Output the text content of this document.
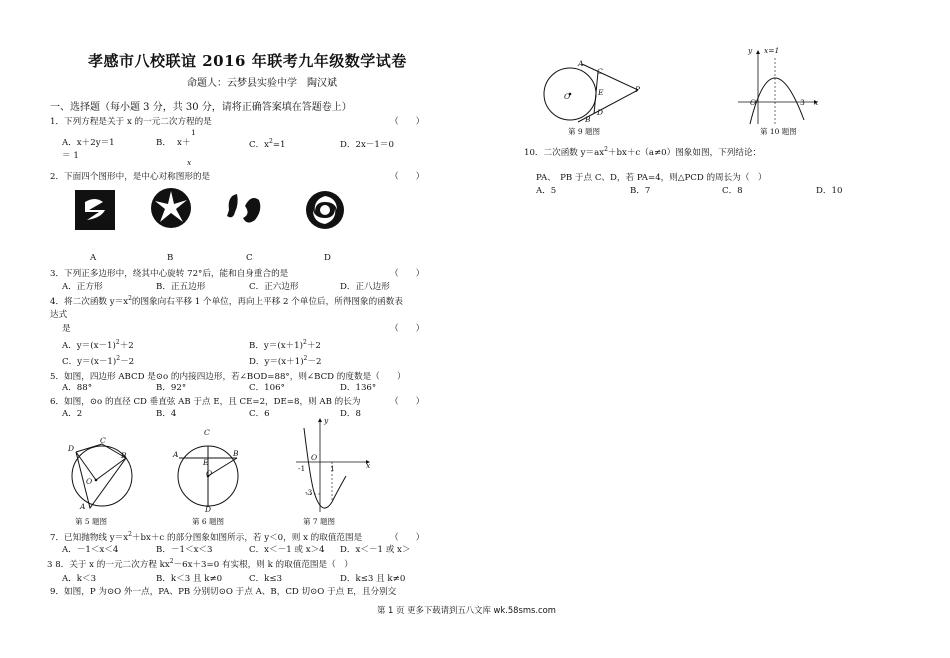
孝感市八校联谊 2016 年联考九年级数学试卷
命题人：云梦县实验中学　陶汉斌
一、选择题（每小题 3 分，共 30 分，请将正确答案填在答题卷上）
1．下列方程是关于 x 的一元二次方程的是	（　　）
A．x＋2y＝1	B． x＋
1
x
＝ 1
C．$x^2=1$	D．2x－1＝0
2．下面四个图形中，是中心对称图形的是	（　　）
A	B	C	D
3．下列正多边形中，绕其中心旋转 72°后，能和自身重合的是	（　　）
A．正方形	B．正五边形	C．正六边形	D．正八边形
4．将二次函数 $y=x^2$的图象向右平移 1 个单位，再向上平移 2 个单位后，所得图象的函数表
达式
是	（　　）
A．$y=(x-1)^2+2$	B．$y=(x+1)^2+2$
C．$y=(x-1)^2-2$	D．$y=(x+1)^2-2$
5．如图，四边形 ABCD 是⊙o 的内接四边形，若∠BOD=88°，则∠BCD 的度数是（　　）
A．88°	B．92°	C．106°	D．136°
6．如图，⊙o 的直径 CD 垂直弦 AB 于点 E，且 CE=2，DE=8，则 AB 的长为	（　　）
A．2	B．4	C．6	D．8
D
C
B
O
A
第 5 题图
C
A
E
B
O
D
第 6 题图
y
x
O
-1	1
-3
第 7 题图
7．已知抛物线 $y=x^2+bx+c$ 的部分图象如图所示，若 y＜0，则 x 的取值范围是	（　　）
A．－1＜x＜4	B．－1＜x＜3	C．x＜－1 或 x＞4 D．x＜－1 或 x＞
3 8．关于 x 的一元二次方程 $kx^2-6x+3=0$ 有实根，则 k 的取值范围是（　）
A．k＜3	B．k＜3 且 k≠0	C．k≤3	D．k≤3 且 k≠0
9．如图，P 为⊙O 外一点，PA、PB 分别切⊙O 于点 A、B，CD 切⊙O 于点 E，且分别交
A
C
O	E	P
D
B
第 9 题图
y x=1
O	3 x
第 10 题图
10．二次函数 $y=ax^2+bx+c(a\ne 0)$图象如图，下列结论：
PA、　PB 于点 C、D，若 PA=4，则△PCD 的周长为（　）
A．5	B．7	C．8	D．10
第 1 页 更多下载请到五八文库 wk.58sms.com
